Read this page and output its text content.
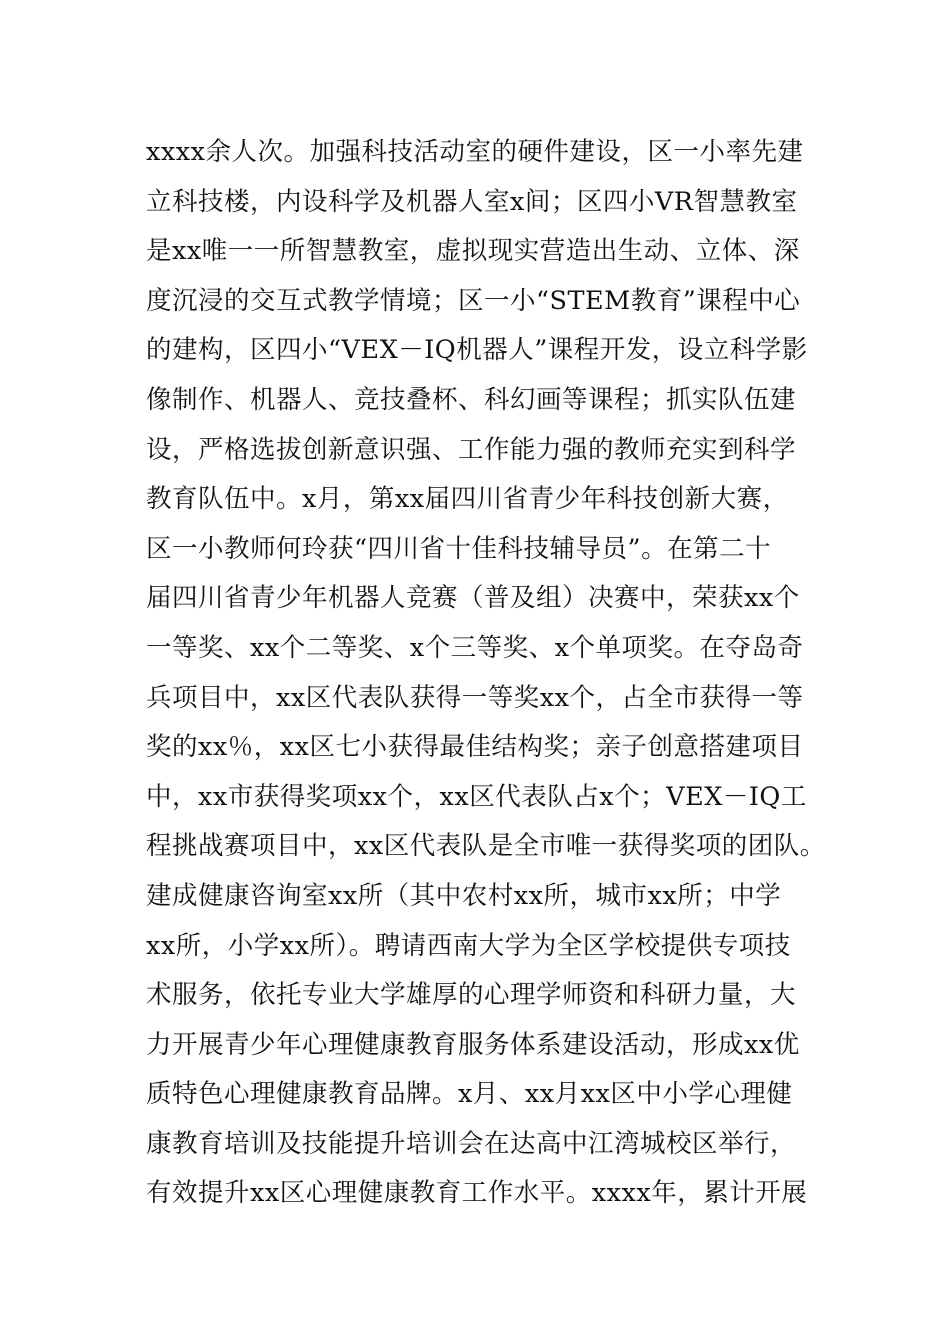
xxxx余人次。加强科技活动室的硬件建设，区一小率先建
立科技楼，内设科学及机器人室x间；区四小VR智慧教室
是xx唯一一所智慧教室，虚拟现实营造出生动、立体、深
度沉浸的交互式教学情境；区一小“STEM教育”课程中心
的建构，区四小“VEX－IQ机器人”课程开发，设立科学影
像制作、机器人、竞技叠杯、科幻画等课程；抓实队伍建
设，严格选拔创新意识强、工作能力强的教师充实到科学
教育队伍中。x月，第xx届四川省青少年科技创新大赛，
区一小教师何玲获“四川省十佳科技辅导员”。在第二十
届四川省青少年机器人竞赛（普及组）决赛中，荣获xx个
一等奖、xx个二等奖、x个三等奖、x个单项奖。在夺岛奇
兵项目中，xx区代表队获得一等奖xx个，占全市获得一等
奖的xx％，xx区七小获得最佳结构奖；亲子创意搭建项目
中，xx市获得奖项xx个，xx区代表队占x个；VEX－IQ工
程挑战赛项目中，xx区代表队是全市唯一获得奖项的团队。
建成健康咨询室xx所（其中农村xx所，城市xx所；中学
xx所，小学xx所）。聘请西南大学为全区学校提供专项技
术服务，依托专业大学雄厚的心理学师资和科研力量，大
力开展青少年心理健康教育服务体系建设活动，形成xx优
质特色心理健康教育品牌。x月、xx月xx区中小学心理健
康教育培训及技能提升培训会在达高中江湾城校区举行，
有效提升xx区心理健康教育工作水平。xxxx年，累计开展
